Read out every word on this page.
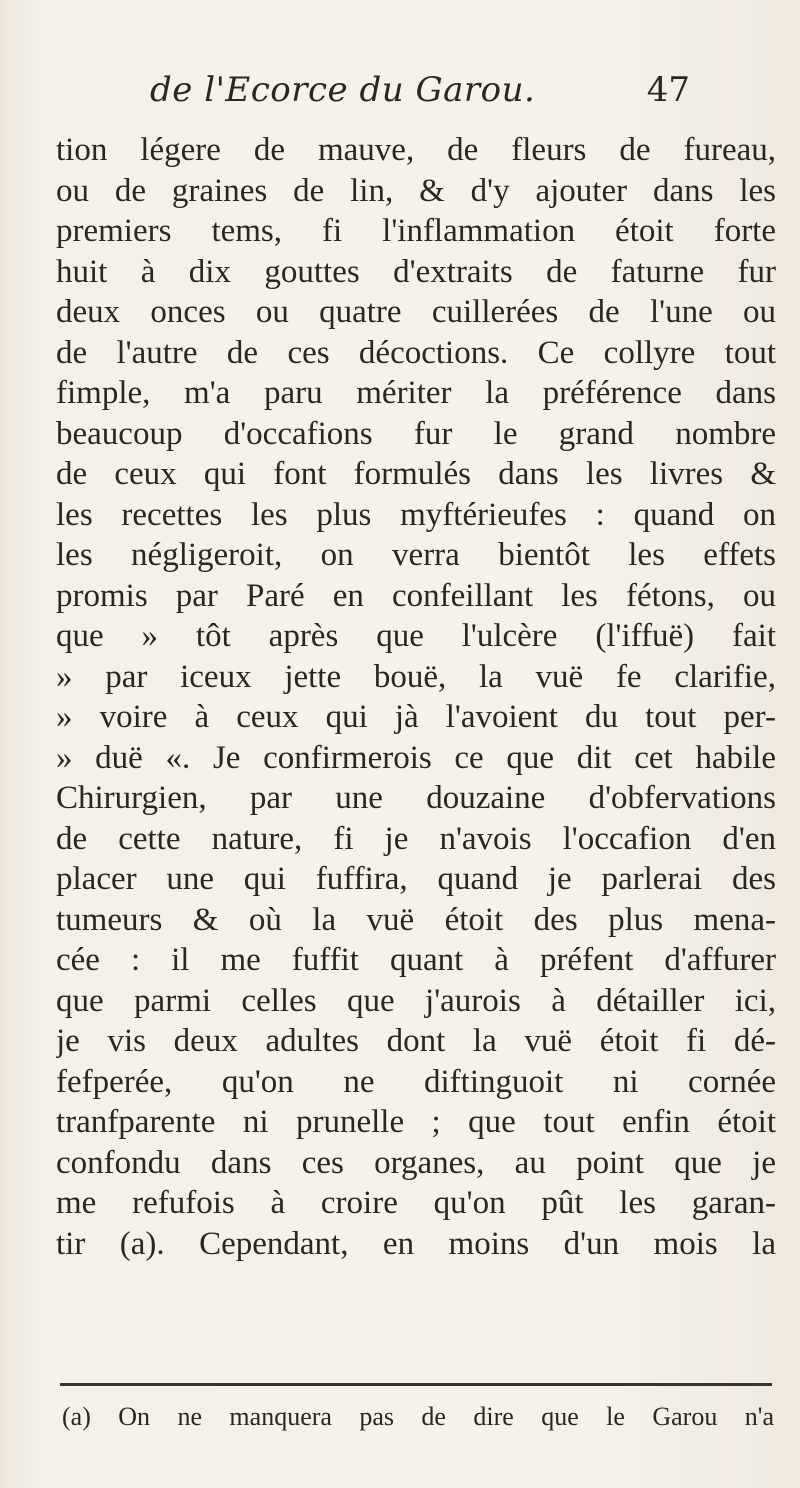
de l'Ecorce du Garou.	47
tion légere de mauve, de fleurs de fureau,
ou de graines de lin, & d'y ajouter dans les
premiers tems, fi l'inflammation étoit forte
huit à dix gouttes d'extraits de faturne fur
deux onces ou quatre cuillerées de l'une ou
de l'autre de ces décoctions. Ce collyre tout
fimple, m'a paru mériter la préférence dans
beaucoup d'occafions fur le grand nombre
de ceux qui font formulés dans les livres &
les recettes les plus myftérieufes : quand on
les négligeroit, on verra bientôt les effets
promis par Paré en confeillant les fétons, ou
que » tôt après que l'ulcère (l'iffuë) fait
» par iceux jette bouë, la vuë fe clarifie,
» voire à ceux qui jà l'avoient du tout per-
» duë «. Je confirmerois ce que dit cet habile
Chirurgien, par une douzaine d'obfervations
de cette nature, fi je n'avois l'occafion d'en
placer une qui fuffira, quand je parlerai des
tumeurs & où la vuë étoit des plus mena-
cée : il me fuffit quant à préfent d'affurer
que parmi celles que j'aurois à détailler ici,
je vis deux adultes dont la vuë étoit fi dé-
fefperée, qu'on ne diftinguoit ni cornée
tranfparente ni prunelle ; que tout enfin étoit
confondu dans ces organes, au point que je
me refufois à croire qu'on pût les garan-
tir (a). Cependant, en moins d'un mois la
(a) On ne manquera pas de dire que le Garou n'a
